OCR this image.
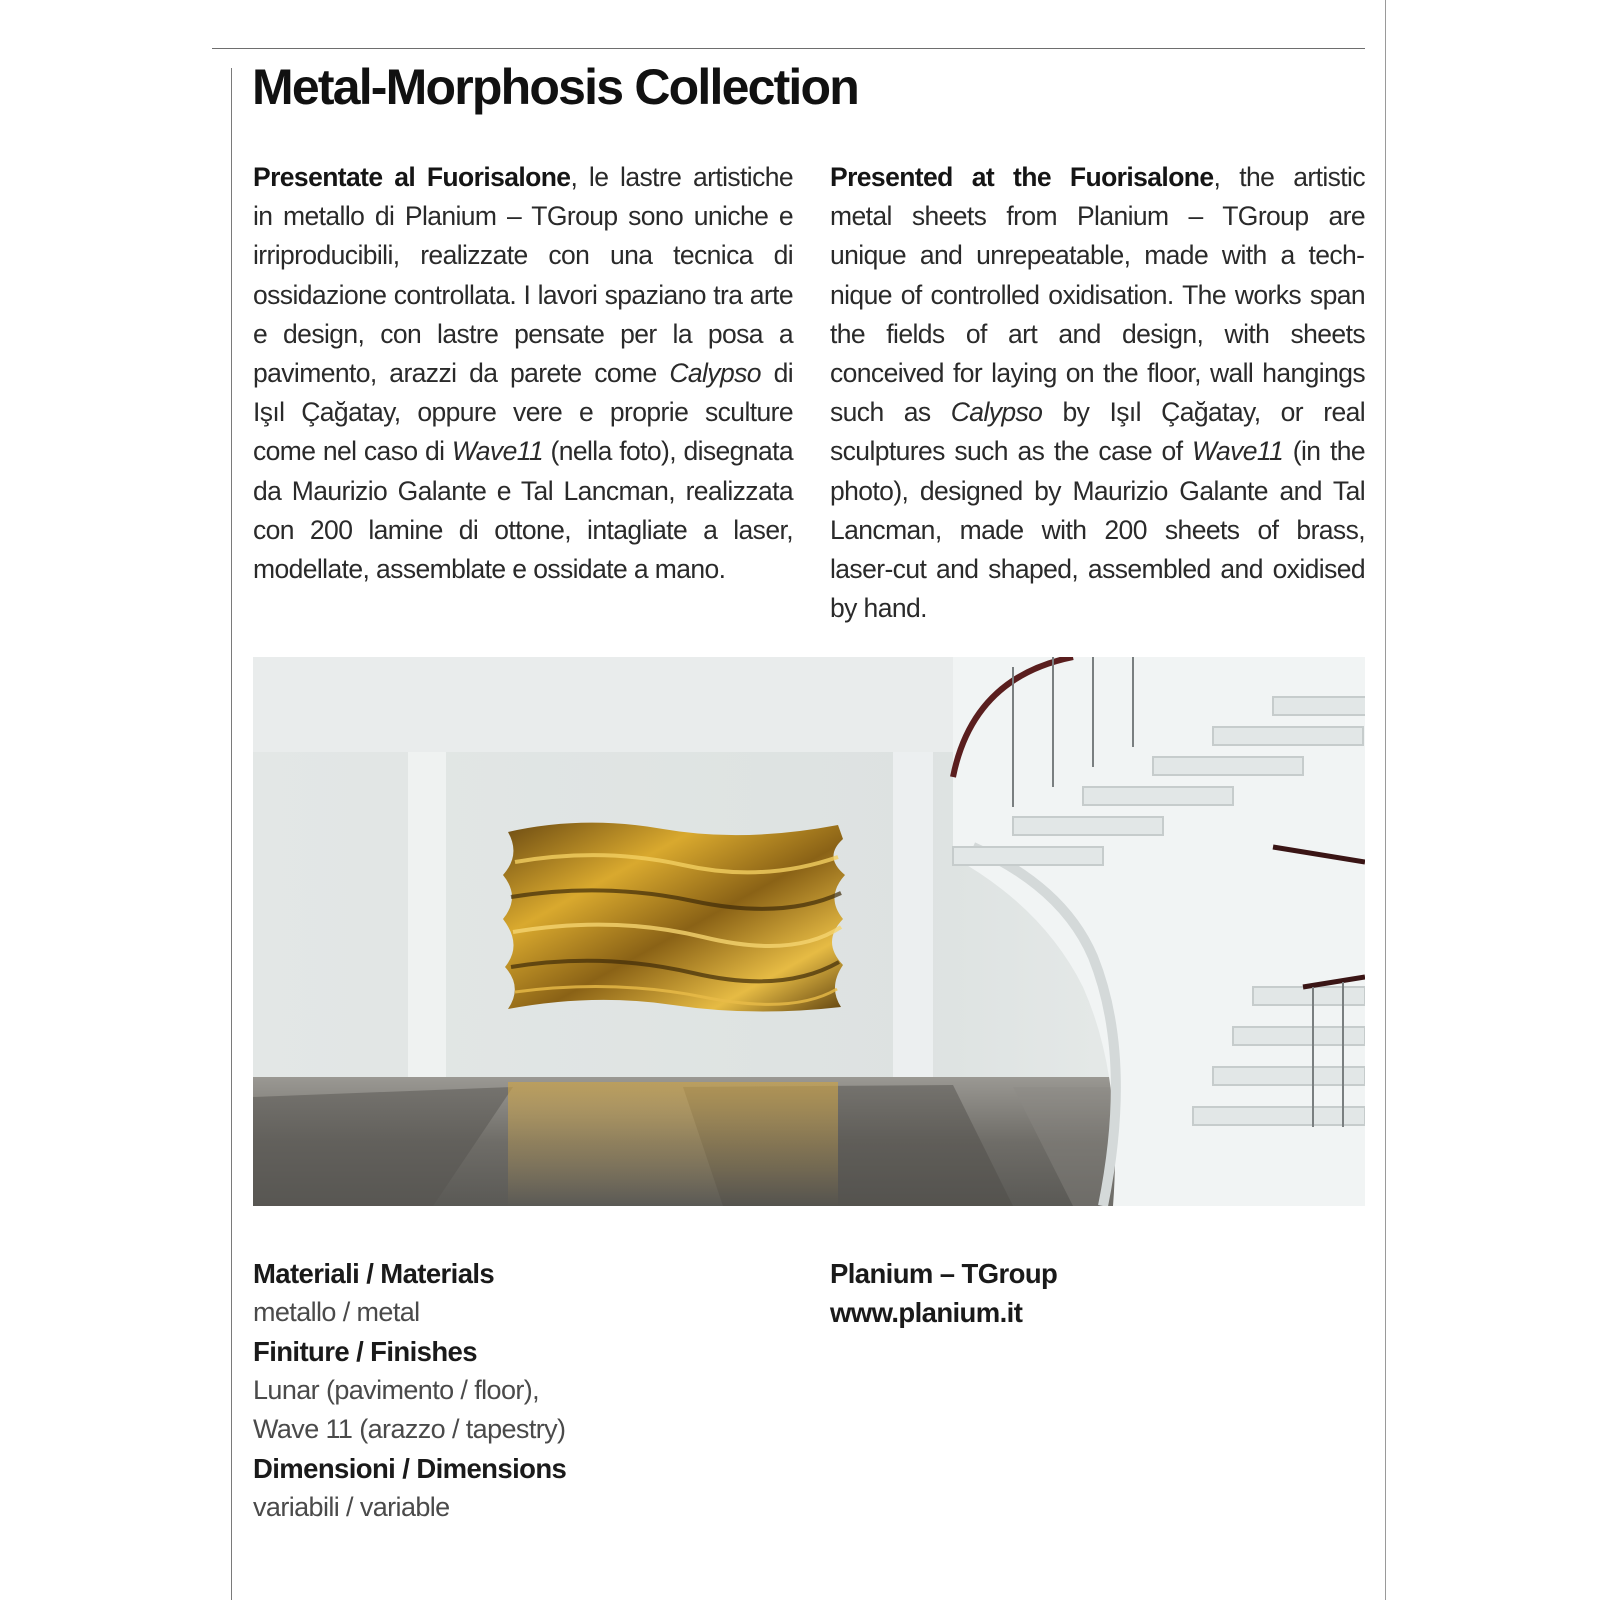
Metal-Morphosis Collection

Presentate al Fuorisalone, le lastre artistiche in metallo di Planium – TGroup sono uniche e irriproducibili, realizzate con una tecnica di ossidazione controllata. I lavori spaziano tra arte e design, con lastre pensate per la posa a pavimento, arazzi da parete come Calypso di Işıl Çağatay, oppure vere e proprie sculture come nel caso di Wave11 (nella foto), disegnata da Maurizio Galante e Tal Lancman, realizzata con 200 lamine di ottone, intagliate a laser, modellate, assemblate e ossidate a mano.

Presented at the Fuorisalone, the artistic metal sheets from Planium – TGroup are unique and unrepeatable, made with a technique of controlled oxidisation. The works span the fields of art and design, with sheets conceived for laying on the floor, wall hangings such as Calypso by Işıl Çağatay, or real sculptures such as the case of Wave11 (in the photo), designed by Maurizio Galante and Tal Lancman, made with 200 sheets of brass, laser-cut and shaped, assembled and oxidised by hand.

Materiali / Materials
metallo / metal
Finiture / Finishes
Lunar (pavimento / floor),
Wave 11 (arazzo / tapestry)
Dimensioni / Dimensions
variabili / variable
Planium – TGroup
www.planium.it
